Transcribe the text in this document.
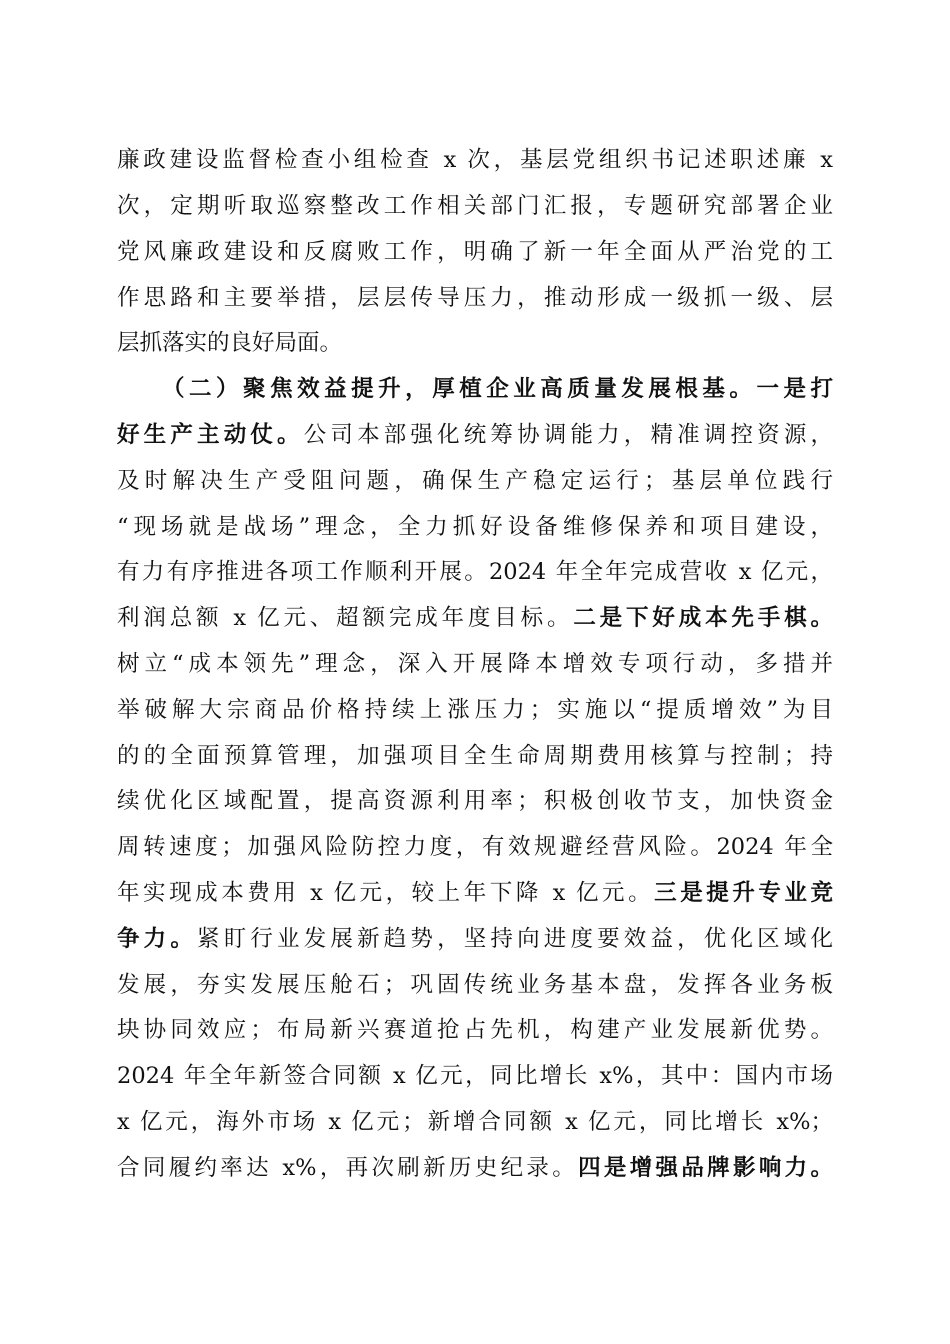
廉政建设监督检查小组检查 x 次，基层党组织书记述职述廉 x
次，定期听取巡察整改工作相关部门汇报，专题研究部署企业
党风廉政建设和反腐败工作，明确了新一年全面从严治党的工
作思路和主要举措，层层传导压力，推动形成一级抓一级、层
层抓落实的良好局面。
（二）聚焦效益提升，厚植企业高质量发展根基。一是打
好生产主动仗。公司本部强化统筹协调能力，精准调控资源，
及时解决生产受阻问题，确保生产稳定运行；基层单位践行
“现场就是战场”理念，全力抓好设备维修保养和项目建设，
有力有序推进各项工作顺利开展。2024 年全年完成营收 x 亿元，
利润总额 x 亿元、超额完成年度目标。二是下好成本先手棋。
树立“成本领先”理念，深入开展降本增效专项行动，多措并
举破解大宗商品价格持续上涨压力；实施以“提质增效”为目
的的全面预算管理，加强项目全生命周期费用核算与控制；持
续优化区域配置，提高资源利用率；积极创收节支，加快资金
周转速度；加强风险防控力度，有效规避经营风险。2024 年全
年实现成本费用 x 亿元，较上年下降 x 亿元。三是提升专业竞
争力。紧盯行业发展新趋势，坚持向进度要效益，优化区域化
发展，夯实发展压舱石；巩固传统业务基本盘，发挥各业务板
块协同效应；布局新兴赛道抢占先机，构建产业发展新优势。
2024 年全年新签合同额 x 亿元，同比增长 x%，其中：国内市场
x 亿元，海外市场 x 亿元；新增合同额 x 亿元，同比增长 x%；
合同履约率达 x%，再次刷新历史纪录。四是增强品牌影响力。
